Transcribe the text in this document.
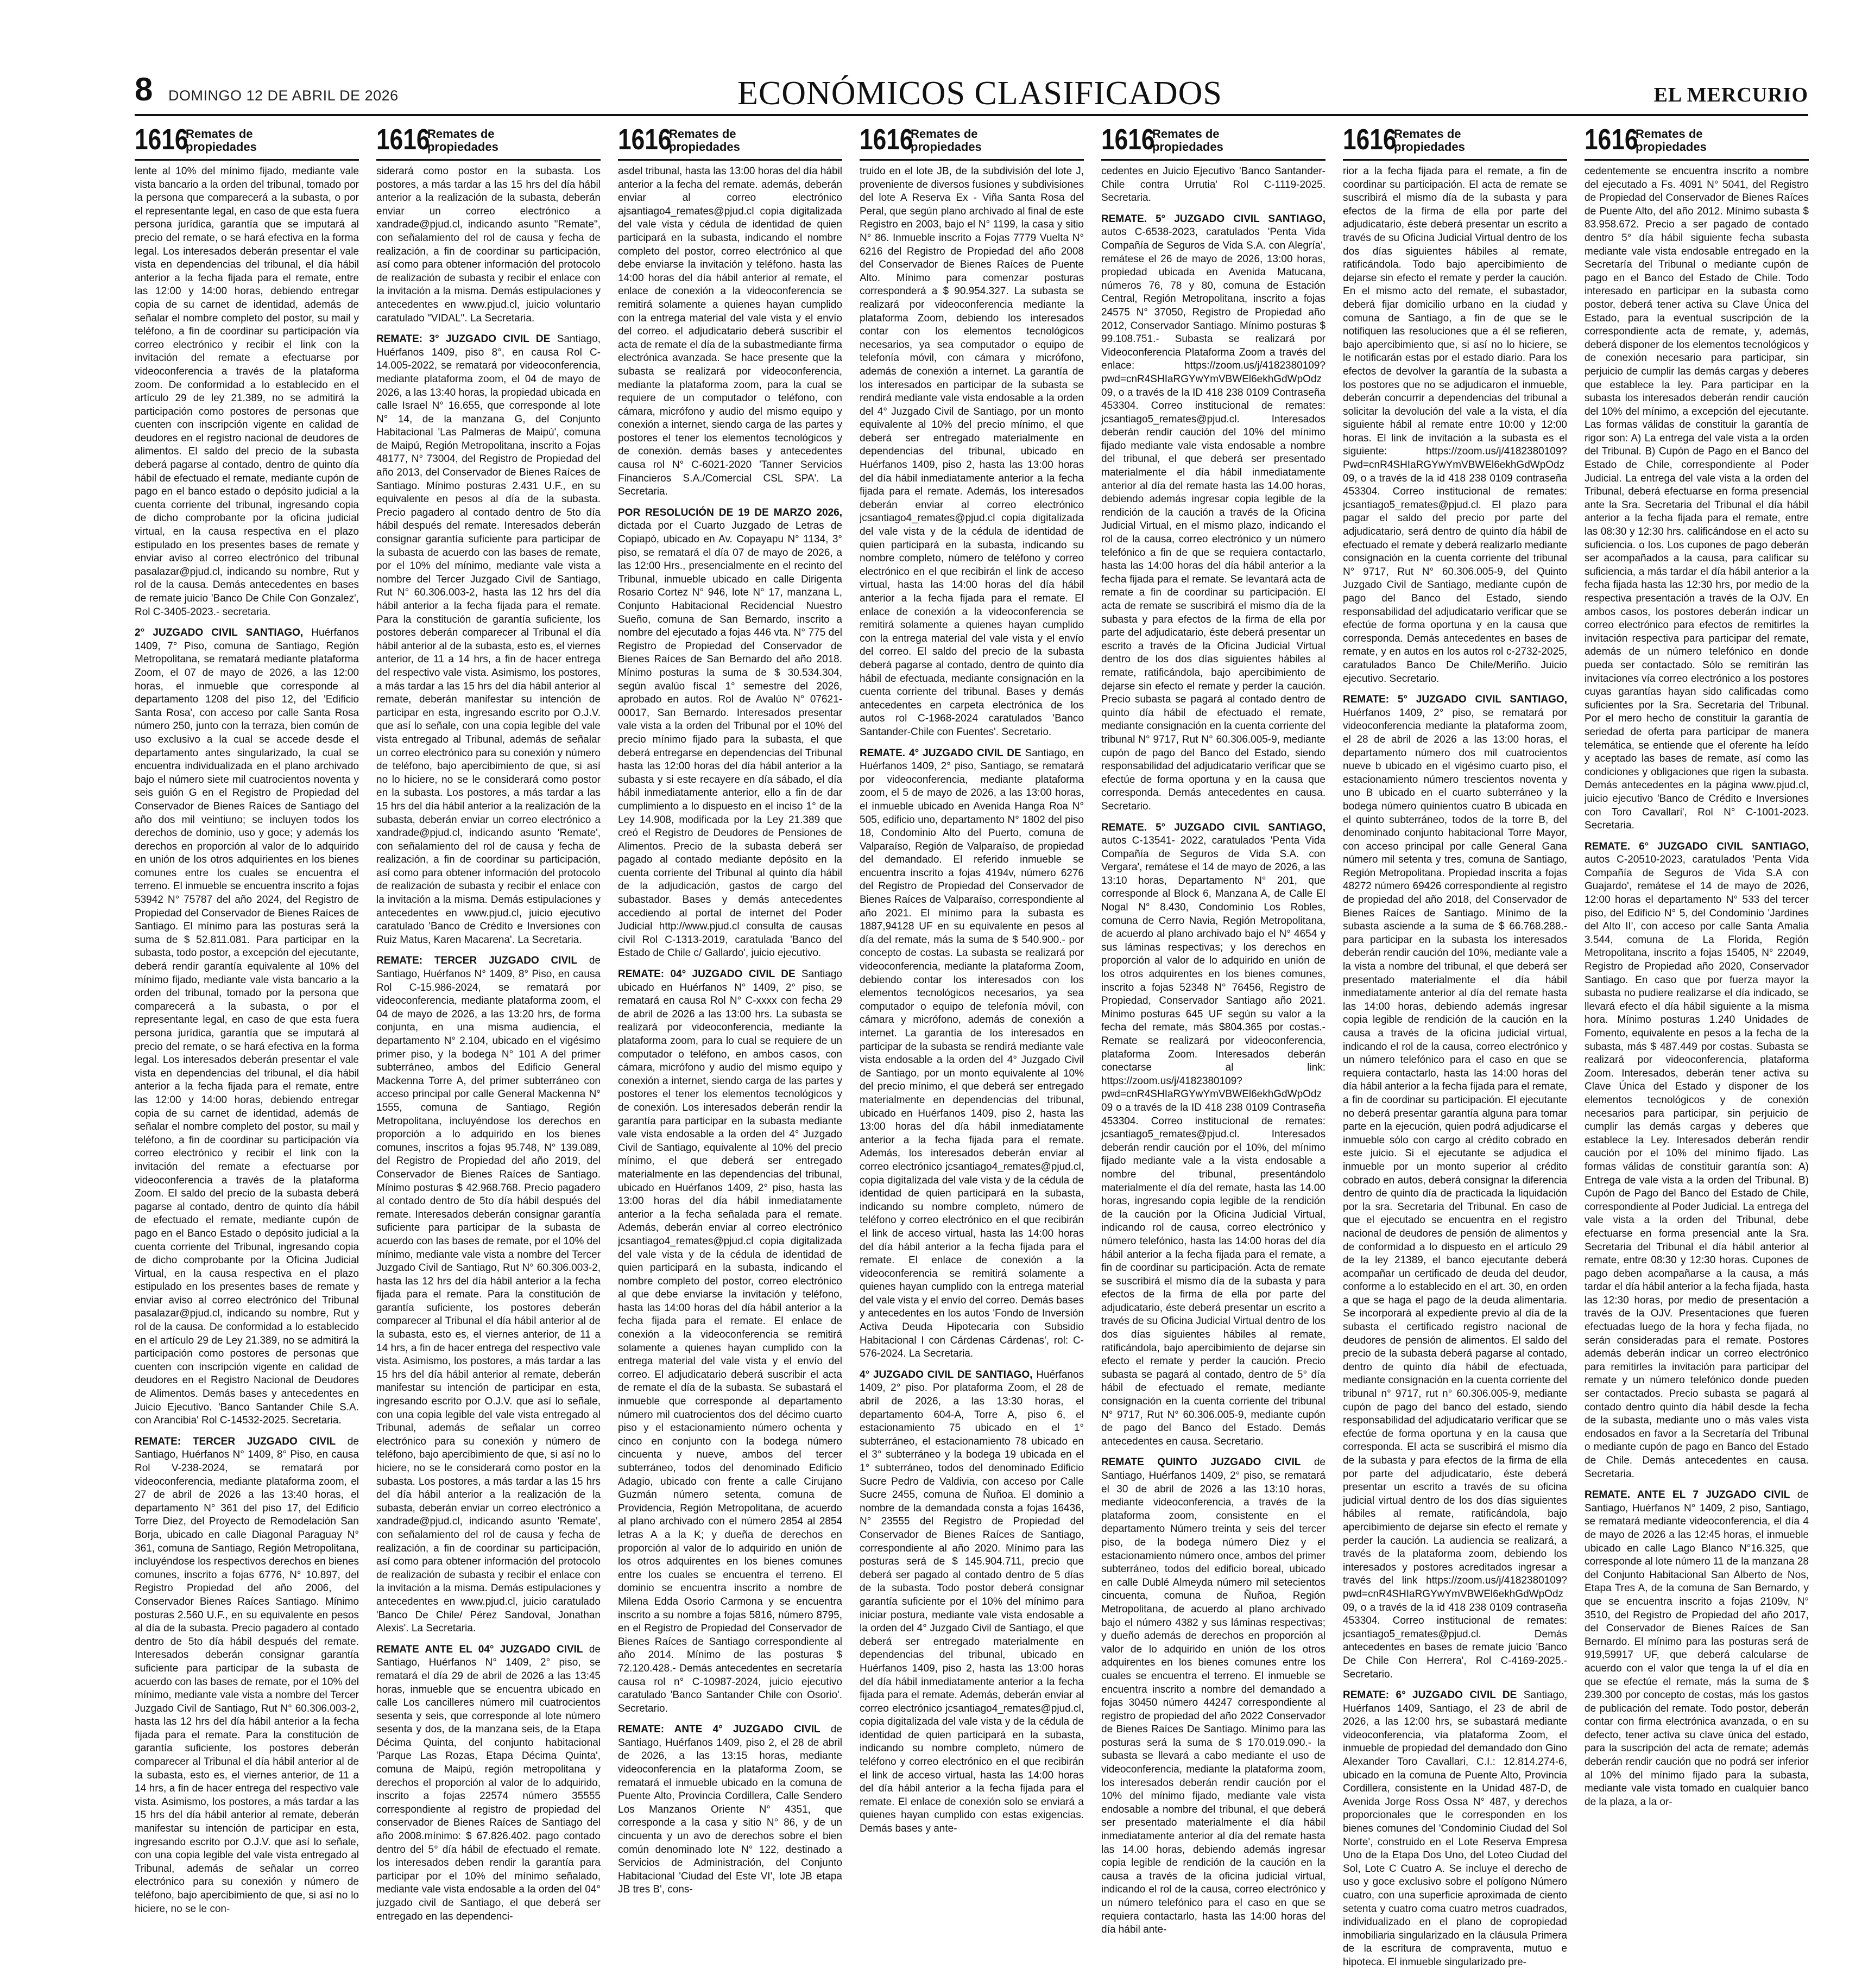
8 DOMINGO 12 DE ABRIL DE 2026	ECONÓMICOS CLASIFICADOS	EL MERCURIO
1616
Remates de propiedades

lente al 10% del mínimo fijado, mediante vale vista bancario a la orden del tribunal, tomado por la persona que comparecerá a la subasta, o por el representante legal, en caso de que esta fuera persona jurídica, garantía que se imputará al precio del remate, o se hará efectiva en la forma legal. Los interesados deberán presentar el vale vista en dependencias del tribunal, el día hábil anterior a la fecha fijada para el remate, entre las 12:00 y 14:00 horas, debiendo entregar copia de su carnet de identidad, además de señalar el nombre completo del postor, su mail y teléfono, a fin de coordinar su participación vía correo electrónico y recibir el link con la invitación del remate a efectuarse por videoconferencia a través de la plataforma zoom. De conformidad a lo establecido en el artículo 29 de ley 21.389, no se admitirá la participación como postores de personas que cuenten con inscripción vigente en calidad de deudores en el registro nacional de deudores de alimentos. El saldo del precio de la subasta deberá pagarse al contado, dentro de quinto día hábil de efectuado el remate, mediante cupón de pago en el banco estado o depósito judicial a la cuenta corriente del tribunal, ingresando copia de dicho comprobante por la oficina judicial virtual, en la causa respectiva en el plazo estipulado en los presentes bases de remate y enviar aviso al correo electrónico del tribunal pasalazar@pjud.cl, indicando su nombre, Rut y rol de la causa. Demás antecedentes en bases de remate juicio 'Banco De Chile Con Gonzalez', Rol C-3405-2023.- secretaria.

2° JUZGADO CIVIL SANTIAGO, Huérfanos 1409, 7° Piso, comuna de Santiago, Región Metropolitana, se rematará mediante plataforma Zoom, el 07 de mayo de 2026, a las 12:00 horas, el inmueble que corresponde al departamento 1208 del piso 12, del 'Edificio Santa Rosa', con acceso por calle Santa Rosa número 250, junto con la terraza, bien común de uso exclusivo a la cual se accede desde el departamento antes singularizado, la cual se encuentra individualizada en el plano archivado bajo el número siete mil cuatrocientos noventa y seis guión G en el Registro de Propiedad del Conservador de Bienes Raíces de Santiago del año dos mil veintiuno; se incluyen todos los derechos de dominio, uso y goce; y además los derechos en proporción al valor de lo adquirido en unión de los otros adquirientes en los bienes comunes entre los cuales se encuentra el terreno. El inmueble se encuentra inscrito a fojas 53942 N° 75787 del año 2024, del Registro de Propiedad del Conservador de Bienes Raíces de Santiago. El mínimo para las posturas será la suma de $ 52.811.081. Para participar en la subasta, todo postor, a excepción del ejecutante, deberá rendir garantía equivalente al 10% del mínimo fijado, mediante vale vista bancario a la orden del tribunal, tomado por la persona que comparecerá a la subasta, o por el representante legal, en caso de que esta fuera persona jurídica, garantía que se imputará al precio del remate, o se hará efectiva en la forma legal. Los interesados deberán presentar el vale vista en dependencias del tribunal, el día hábil anterior a la fecha fijada para el remate, entre las 12:00 y 14:00 horas, debiendo entregar copia de su carnet de identidad, además de señalar el nombre completo del postor, su mail y teléfono, a fin de coordinar su participación vía correo electrónico y recibir el link con la invitación del remate a efectuarse por videoconferencia a través de la plataforma Zoom. El saldo del precio de la subasta deberá pagarse al contado, dentro de quinto día hábil de efectuado el remate, mediante cupón de pago en el Banco Estado o depósito judicial a la cuenta corriente del Tribunal, ingresando copia de dicho comprobante por la Oficina Judicial Virtual, en la causa respectiva en el plazo estipulado en los presentes bases de remate y enviar aviso al correo electrónico del Tribunal pasalazar@pjud.cl, indicando su nombre, Rut y rol de la causa. De conformidad a lo establecido en el artículo 29 de Ley 21.389, no se admitirá la participación como postores de personas que cuenten con inscripción vigente en calidad de deudores en el Registro Nacional de Deudores de Alimentos. Demás bases y antecedentes en Juicio Ejecutivo. 'Banco Santander Chile S.A. con Arancibia' Rol C-14532-2025. Secretaria.

REMATE: TERCER JUZGADO CIVIL de Santiago, Huérfanos N° 1409, 8° Piso, en causa Rol V-238-2024, se rematará por videoconferencia, mediante plataforma zoom, el 27 de abril de 2026 a las 13:40 horas, el departamento N° 361 del piso 17, del Edificio Torre Diez, del Proyecto de Remodelación San Borja, ubicado en calle Diagonal Paraguay N° 361, comuna de Santiago, Región Metropolitana, incluyéndose los respectivos derechos en bienes comunes, inscrito a fojas 6776, N° 10.897, del Registro Propiedad del año 2006, del Conservador Bienes Raíces Santiago. Mínimo posturas 2.560 U.F., en su equivalente en pesos al día de la subasta. Precio pagadero al contado dentro de 5to día hábil después del remate. Interesados deberán consignar garantía suficiente para participar de la subasta de acuerdo con las bases de remate, por el 10% del mínimo, mediante vale vista a nombre del Tercer Juzgado Civil de Santiago, Rut N° 60.306.003-2, hasta las 12 hrs del día hábil anterior a la fecha fijada para el remate. Para la constitución de garantía suficiente, los postores deberán comparecer al Tribunal el día hábil anterior al de la subasta, esto es, el viernes anterior, de 11 a 14 hrs, a fin de hacer entrega del respectivo vale vista. Asimismo, los postores, a más tardar a las 15 hrs del día hábil anterior al remate, deberán manifestar su intención de participar en esta, ingresando escrito por O.J.V. que así lo señale, con una copia legible del vale vista entregado al Tribunal, además de señalar un correo electrónico para su conexión y número de teléfono, bajo apercibimiento de que, si así no lo hiciere, no se le con-

1616
Remates de propiedades

siderará como postor en la subasta. Los postores, a más tardar a las 15 hrs del día hábil anterior a la realización de la subasta, deberán enviar un correo electrónico a xandrade@pjud.cl, indicando asunto "Remate", con señalamiento del rol de causa y fecha de realización, a fin de coordinar su participación, así como para obtener información del protocolo de realización de subasta y recibir el enlace con la invitación a la misma. Demás estipulaciones y antecedentes en www.pjud.cl, juicio voluntario caratulado "VIDAL". La Secretaria.

REMATE: 3° JUZGADO CIVIL DE Santiago, Huérfanos 1409, piso 8°, en causa Rol C- 14.005-2022, se rematará por videoconferencia, mediante plataforma zoom, el 04 de mayo de 2026, a las 13:40 horas, la propiedad ubicada en calle Israel N° 16.655, que corresponde al lote N° 14, de la manzana G, del Conjunto Habitacional 'Las Palmeras de Maipú', comuna de Maipú, Región Metropolitana, inscrito a Fojas 48177, N° 73004, del Registro de Propiedad del año 2013, del Conservador de Bienes Raíces de Santiago. Mínimo posturas 2.431 U.F., en su equivalente en pesos al día de la subasta. Precio pagadero al contado dentro de 5to día hábil después del remate. Interesados deberán consignar garantía suficiente para participar de la subasta de acuerdo con las bases de remate, por el 10% del mínimo, mediante vale vista a nombre del Tercer Juzgado Civil de Santiago, Rut N° 60.306.003-2, hasta las 12 hrs del día hábil anterior a la fecha fijada para el remate. Para la constitución de garantía suficiente, los postores deberán comparecer al Tribunal el día hábil anterior al de la subasta, esto es, el viernes anterior, de 11 a 14 hrs, a fin de hacer entrega del respectivo vale vista. Asimismo, los postores, a más tardar a las 15 hrs del día hábil anterior al remate, deberán manifestar su intención de participar en esta, ingresando escrito por O.J.V. que así lo señale, con una copia legible del vale vista entregado al Tribunal, además de señalar un correo electrónico para su conexión y número de teléfono, bajo apercibimiento de que, si así no lo hiciere, no se le considerará como postor en la subasta. Los postores, a más tardar a las 15 hrs del día hábil anterior a la realización de la subasta, deberán enviar un correo electrónico a xandrade@pjud.cl, indicando asunto 'Remate', con señalamiento del rol de causa y fecha de realización, a fin de coordinar su participación, así como para obtener información del protocolo de realización de subasta y recibir el enlace con la invitación a la misma. Demás estipulaciones y antecedentes en www.pjud.cl, juicio ejecutivo caratulado 'Banco de Crédito e Inversiones con Ruiz Matus, Karen Macarena'. La Secretaria.

REMATE: TERCER JUZGADO CIVIL de Santiago, Huérfanos N° 1409, 8° Piso, en causa Rol C-15.986-2024, se rematará por videoconferencia, mediante plataforma zoom, el 04 de mayo de 2026, a las 13:20 hrs, de forma conjunta, en una misma audiencia, el departamento N° 2.104, ubicado en el vigésimo primer piso, y la bodega N° 101 A del primer subterráneo, ambos del Edificio General Mackenna Torre A, del primer subterráneo con acceso principal por calle General Mackenna N° 1555, comuna de Santiago, Región Metropolitana, incluyéndose los derechos en proporción a lo adquirido en los bienes comunes, inscritos a fojas 95.748, N° 139.089, del Registro de Propiedad del año 2019, del Conservador de Bienes Raíces de Santiago. Mínimo posturas $ 42.968.768. Precio pagadero al contado dentro de 5to día hábil después del remate. Interesados deberán consignar garantía suficiente para participar de la subasta de acuerdo con las bases de remate, por el 10% del mínimo, mediante vale vista a nombre del Tercer Juzgado Civil de Santiago, Rut N° 60.306.003-2, hasta las 12 hrs del día hábil anterior a la fecha fijada para el remate. Para la constitución de garantía suficiente, los postores deberán comparecer al Tribunal el día hábil anterior al de la subasta, esto es, el viernes anterior, de 11 a 14 hrs, a fin de hacer entrega del respectivo vale vista. Asimismo, los postores, a más tardar a las 15 hrs del día hábil anterior al remate, deberán manifestar su intención de participar en esta, ingresando escrito por O.J.V. que así lo señale, con una copia legible del vale vista entregado al Tribunal, además de señalar un correo electrónico para su conexión y número de teléfono, bajo apercibimiento de que, si así no lo hiciere, no se le considerará como postor en la subasta. Los postores, a más tardar a las 15 hrs del día hábil anterior a la realización de la subasta, deberán enviar un correo electrónico a xandrade@pjud.cl, indicando asunto 'Remate', con señalamiento del rol de causa y fecha de realización, a fin de coordinar su participación, así como para obtener información del protocolo de realización de subasta y recibir el enlace con la invitación a la misma. Demás estipulaciones y antecedentes en www.pjud.cl, juicio caratulado 'Banco De Chile/ Pérez Sandoval, Jonathan Alexis'. La Secretaria.

REMATE ANTE EL 04° JUZGADO CIVIL de Santiago, Huérfanos N° 1409, 2° piso, se rematará el día 29 de abril de 2026 a las 13:45 horas, inmueble que se encuentra ubicado en calle Los cancilleres número mil cuatrocientos sesenta y seis, que corresponde al lote número sesenta y dos, de la manzana seis, de la Etapa Décima Quinta, del conjunto habitacional 'Parque Las Rozas, Etapa Décima Quinta', comuna de Maipú, región metropolitana y derechos el proporción al valor de lo adquirido, inscrito a fojas 22574 número 35555 correspondiente al registro de propiedad del conservador de Bienes Raíces de Santiago del año 2008.mínimo: $ 67.826.402. pago contado dentro del 5° día hábil de efectuado el remate. los interesados deben rendir la garantía para participar por el 10% del mínimo señalado, mediante vale vista endosable a la orden del 04° juzgado civil de Santiago, el que deberá ser entregado en las dependenci-

1616
Remates de propiedades

asdel tribunal, hasta las 13:00 horas del día hábil anterior a la fecha del remate. además, deberán enviar al correo electrónico ajsantiago4_remates@pjud.cl copia digitalizada del vale vista y cédula de identidad de quien participará en la subasta, indicando el nombre completo del postor, correo electrónico al que debe enviarse la invitación y teléfono. hasta las 14:00 horas del día hábil anterior al remate, el enlace de conexión a la videoconferencia se remitirá solamente a quienes hayan cumplido con la entrega material del vale vista y el envío del correo. el adjudicatario deberá suscribir el acta de remate el día de la subastmediante firma electrónica avanzada. Se hace presente que la subasta se realizará por videoconferencia, mediante la plataforma zoom, para la cual se requiere de un computador o teléfono, con cámara, micrófono y audio del mismo equipo y conexión a internet, siendo carga de las partes y postores el tener los elementos tecnológicos y de conexión. demás bases y antecedentes causa rol N° C-6021-2020 'Tanner Servicios Financieros S.A./Comercial CSL SPA'. La Secretaria.

POR RESOLUCIÓN DE 19 DE MARZO 2026, dictada por el Cuarto Juzgado de Letras de Copiapó, ubicado en Av. Copayapu N° 1134, 3° piso, se rematará el día 07 de mayo de 2026, a las 12:00 Hrs., presencialmente en el recinto del Tribunal, inmueble ubicado en calle Dirigenta Rosario Cortez N° 946, lote N° 17, manzana L, Conjunto Habitacional Recidencial Nuestro Sueño, comuna de San Bernardo, inscrito a nombre del ejecutado a fojas 446 vta. N° 775 del Registro de Propiedad del Conservador de Bienes Raíces de San Bernardo del año 2018. Mínimo posturas la suma de $ 30.534.304, según avalúo fiscal 1° semestre del 2026, aprobado en autos. Rol de Avalúo N° 07621-00017, San Bernardo. Interesados presentar vale vista a la orden del Tribunal por el 10% del precio mínimo fijado para la subasta, el que deberá entregarse en dependencias del Tribunal hasta las 12:00 horas del día hábil anterior a la subasta y si este recayere en día sábado, el día hábil inmediatamente anterior, ello a fin de dar cumplimiento a lo dispuesto en el inciso 1° de la Ley 14.908, modificada por la Ley 21.389 que creó el Registro de Deudores de Pensiones de Alimentos. Precio de la subasta deberá ser pagado al contado mediante depósito en la cuenta corriente del Tribunal al quinto día hábil de la adjudicación, gastos de cargo del subastador. Bases y demás antecedentes accediendo al portal de internet del Poder Judicial http://www.pjud.cl consulta de causas civil Rol C-1313-2019, caratulada 'Banco del Estado de Chile c/ Gallardo', juicio ejecutivo.

REMATE: 04° JUZGADO CIVIL DE Santiago ubicado en Huérfanos N° 1409, 2° piso, se rematará en causa Rol N° C-xxxx con fecha 29 de abril de 2026 a las 13:00 hrs. La subasta se realizará por videoconferencia, mediante la plataforma zoom, para lo cual se requiere de un computador o teléfono, en ambos casos, con cámara, micrófono y audio del mismo equipo y conexión a internet, siendo carga de las partes y postores el tener los elementos tecnológicos y de conexión. Los interesados deberán rendir la garantía para participar en la subasta mediante vale vista endosable a la orden del 4° Juzgado Civil de Santiago, equivalente al 10% del precio mínimo, el que deberá ser entregado materialmente en las dependencias del tribunal, ubicado en Huérfanos 1409, 2° piso, hasta las 13:00 horas del día hábil inmediatamente anterior a la fecha señalada para el remate. Además, deberán enviar al correo electrónico jcsantiago4_remates@pjud.cl copia digitalizada del vale vista y de la cédula de identidad de quien participará en la subasta, indicando el nombre completo del postor, correo electrónico al que debe enviarse la invitación y teléfono, hasta las 14:00 horas del día hábil anterior a la fecha fijada para el remate. El enlace de conexión a la videoconferencia se remitirá solamente a quienes hayan cumplido con la entrega material del vale vista y el envío del correo. El adjudicatario deberá suscribir el acta de remate el día de la subasta. Se subastará el inmueble que corresponde al departamento número mil cuatrocientos dos del décimo cuarto piso y el estacionamiento número ochenta y cinco en conjunto con la bodega número cincuenta y nueve, ambos del tercer subterráneo, todos del denominado Edificio Adagio, ubicado con frente a calle Cirujano Guzmán número setenta, comuna de Providencia, Región Metropolitana, de acuerdo al plano archivado con el número 2854 al 2854 letras A a la K; y dueña de derechos en proporción al valor de lo adquirido en unión de los otros adquirentes en los bienes comunes entre los cuales se encuentra el terreno. El dominio se encuentra inscrito a nombre de Milena Edda Osorio Carmona y se encuentra inscrito a su nombre a fojas 5816, número 8795, en el Registro de Propiedad del Conservador de Bienes Raíces de Santiago correspondiente al año 2014. Mínimo de las posturas $ 72.120.428.- Demás antecedentes en secretaría causa rol n° C-10987-2024, juicio ejecutivo caratulado 'Banco Santander Chile con Osorio'. Secretario.

REMATE: ANTE 4° JUZGADO CIVIL de Santiago, Huérfanos 1409, piso 2, el 28 de abril de 2026, a las 13:15 horas, mediante videoconferencia en la plataforma Zoom, se rematará el inmueble ubicado en la comuna de Puente Alto, Provincia Cordillera, Calle Sendero Los Manzanos Oriente N° 4351, que corresponde a la casa y sitio N° 86, y de un cincuenta y un avo de derechos sobre el bien común denominado lote N° 122, destinado a Servicios de Administración, del Conjunto Habitacional 'Ciudad del Este VI', lote JB etapa JB tres B', cons-

1616
Remates de propiedades

truido en el lote JB, de la subdivisión del lote J, proveniente de diversos fusiones y subdivisiones del lote A Reserva Ex - Viña Santa Rosa del Peral, que según plano archivado al final de este Registro en 2003, bajo el N° 1199, la casa y sitio N° 86. Inmueble inscrito a Fojas 7779 Vuelta N° 6216 del Registro de Propiedad del año 2008 del Conservador de Bienes Raíces de Puente Alto. Mínimo para comenzar posturas corresponderá a $ 90.954.327. La subasta se realizará por videoconferencia mediante la plataforma Zoom, debiendo los interesados contar con los elementos tecnológicos necesarios, ya sea computador o equipo de telefonía móvil, con cámara y micrófono, además de conexión a internet. La garantía de los interesados en participar de la subasta se rendirá mediante vale vista endosable a la orden del 4° Juzgado Civil de Santiago, por un monto equivalente al 10% del precio mínimo, el que deberá ser entregado materialmente en dependencias del tribunal, ubicado en Huérfanos 1409, piso 2, hasta las 13:00 horas del día hábil inmediatamente anterior a la fecha fijada para el remate. Además, los interesados deberán enviar al correo electrónico jcsantiago4_remates@pjud.cl copia digitalizada del vale vista y de la cédula de identidad de quien participará en la subasta, indicando su nombre completo, número de teléfono y correo electrónico en el que recibirán el link de acceso virtual, hasta las 14:00 horas del día hábil anterior a la fecha fijada para el remate. El enlace de conexión a la videoconferencia se remitirá solamente a quienes hayan cumplido con la entrega material del vale vista y el envío del correo. El saldo del precio de la subasta deberá pagarse al contado, dentro de quinto día hábil de efectuada, mediante consignación en la cuenta corriente del tribunal. Bases y demás antecedentes en carpeta electrónica de los autos rol C-1968-2024 caratulados 'Banco Santander-Chile con Fuentes'. Secretario.

REMATE. 4° JUZGADO CIVIL DE Santiago, en Huérfanos 1409, 2° piso, Santiago, se rematará por videoconferencia, mediante plataforma zoom, el 5 de mayo de 2026, a las 13:00 horas, el inmueble ubicado en Avenida Hanga Roa N° 505, edificio uno, departamento N° 1802 del piso 18, Condominio Alto del Puerto, comuna de Valparaíso, Región de Valparaíso, de propiedad del demandado. El referido inmueble se encuentra inscrito a fojas 4194v, número 6276 del Registro de Propiedad del Conservador de Bienes Raíces de Valparaíso, correspondiente al año 2021. El mínimo para la subasta es 1887,94128 UF en su equivalente en pesos al día del remate, más la suma de $ 540.900.- por concepto de costas. La subasta se realizará por videoconferencia, mediante la plataforma Zoom, debiendo contar los interesados con los elementos tecnológicos necesarios, ya sea computador o equipo de telefonía móvil, con cámara y micrófono, además de conexión a internet. La garantía de los interesados en participar de la subasta se rendirá mediante vale vista endosable a la orden del 4° Juzgado Civil de Santiago, por un monto equivalente al 10% del precio mínimo, el que deberá ser entregado materialmente en dependencias del tribunal, ubicado en Huérfanos 1409, piso 2, hasta las 13:00 horas del día hábil inmediatamente anterior a la fecha fijada para el remate. Además, los interesados deberán enviar al correo electrónico jcsantiago4_remates@pjud.cl, copia digitalizada del vale vista y de la cédula de identidad de quien participará en la subasta, indicando su nombre completo, número de teléfono y correo electrónico en el que recibirán el link de acceso virtual, hasta las 14:00 horas del día hábil anterior a la fecha fijada para el remate. El enlace de conexión a la videoconferencia se remitirá solamente a quienes hayan cumplido con la entrega material del vale vista y el envío del correo. Demás bases y antecedentes en los autos 'Fondo de Inversión Activa Deuda Hipotecaria con Subsidio Habitacional I con Cárdenas Cárdenas', rol: C-576-2024. La Secretaria.

4° JUZGADO CIVIL DE SANTIAGO, Huérfanos 1409, 2° piso. Por plataforma Zoom, el 28 de abril de 2026, a las 13:30 horas, el departamento 604-A, Torre A, piso 6, el estacionamiento 75 ubicado en el 1° subterráneo, el estacionamiento 78 ubicado en el 3° subterráneo y la bodega 19 ubicada en el 1° subterráneo, todos del denominado Edificio Sucre Pedro de Valdivia, con acceso por Calle Sucre 2455, comuna de Ñuñoa. El dominio a nombre de la demandada consta a fojas 16436, N° 23555 del Registro de Propiedad del Conservador de Bienes Raíces de Santiago, correspondiente al año 2020. Mínimo para las posturas será de $ 145.904.711, precio que deberá ser pagado al contado dentro de 5 días de la subasta. Todo postor deberá consignar garantía suficiente por el 10% del mínimo para iniciar postura, mediante vale vista endosable a la orden del 4° Juzgado Civil de Santiago, el que deberá ser entregado materialmente en dependencias del tribunal, ubicado en Huérfanos 1409, piso 2, hasta las 13:00 horas del día hábil inmediatamente anterior a la fecha fijada para el remate. Además, deberán enviar al correo electrónico jcsantiago4_remates@pjud.cl, copia digitalizada del vale vista y de la cédula de identidad de quien participará en la subasta, indicando su nombre completo, número de teléfono y correo electrónico en el que recibirán el link de acceso virtual, hasta las 14:00 horas del día hábil anterior a la fecha fijada para el remate. El enlace de conexión solo se enviará a quienes hayan cumplido con estas exigencias. Demás bases y ante-

1616
Remates de propiedades

cedentes en Juicio Ejecutivo 'Banco Santander-Chile contra Urrutia' Rol C-1119-2025. Secretaria.

REMATE. 5° JUZGADO CIVIL SANTIAGO, autos C-6538-2023, caratulados 'Penta Vida Compañía de Seguros de Vida S.A. con Alegría', remátese el 26 de mayo de 2026, 13:00 horas, propiedad ubicada en Avenida Matucana, números 76, 78 y 80, comuna de Estación Central, Región Metropolitana, inscrito a fojas 24575 N° 37050, Registro de Propiedad año 2012, Conservador Santiago. Mínimo posturas $ 99.108.751.- Subasta se realizará por Videoconferencia Plataforma Zoom a través del enlace: https://zoom.us/j/4182380109?pwd=cnR4SHIaRGYwYmVBWEl6ekhGdWpOdz09, o a través de la ID 418 238 0109 Contraseña 453304. Correo institucional de remates: jcsantiago5_remates@pjud.cl. Interesados deberán rendir caución del 10% del mínimo fijado mediante vale vista endosable a nombre del tribunal, el que deberá ser presentado materialmente el día hábil inmediatamente anterior al día del remate hasta las 14.00 horas, debiendo además ingresar copia legible de la rendición de la caución a través de la Oficina Judicial Virtual, en el mismo plazo, indicando el rol de la causa, correo electrónico y un número telefónico a fin de que se requiera contactarlo, hasta las 14:00 horas del día hábil anterior a la fecha fijada para el remate. Se levantará acta de remate a fin de coordinar su participación. El acta de remate se suscribirá el mismo día de la subasta y para efectos de la firma de ella por parte del adjudicatario, éste deberá presentar un escrito a través de la Oficina Judicial Virtual dentro de los dos días siguientes hábiles al remate, ratificándola, bajo apercibimiento de dejarse sin efecto el remate y perder la caución. Precio subasta se pagará al contado dentro de quinto día hábil de efectuado el remate, mediante consignación en la cuenta corriente del tribunal N° 9717, Rut N° 60.306.005-9, mediante cupón de pago del Banco del Estado, siendo responsabilidad del adjudicatario verificar que se efectúe de forma oportuna y en la causa que corresponda. Demás antecedentes en causa. Secretario.

REMATE. 5° JUZGADO CIVIL SANTIAGO, autos C-13541- 2022, caratulados 'Penta Vida Compañía de Seguros de Vida S.A. con Vergara', remátese el 14 de mayo de 2026, a las 13:10 horas, Departamento N° 201, que corresponde al Block 6, Manzana A, de Calle El Nogal N° 8.430, Condominio Los Robles, comuna de Cerro Navia, Región Metropolitana, de acuerdo al plano archivado bajo el N° 4654 y sus láminas respectivas; y los derechos en proporción al valor de lo adquirido en unión de los otros adquirentes en los bienes comunes, inscrito a fojas 52348 N° 76456, Registro de Propiedad, Conservador Santiago año 2021. Mínimo posturas 645 UF según su valor a la fecha del remate, más $804.365 por costas.- Remate se realizará por videoconferencia, plataforma Zoom. Interesados deberán conectarse al link: https://zoom.us/j/4182380109?pwd=cnR4SHIaRGYwYmVBWEl6ekhGdWpOdz09 o a través de la ID 418 238 0109 Contraseña 453304. Correo institucional de remates: jcsantiago5_remates@pjud.cl. Interesados deberán rendir caución por el 10%, del mínimo fijado mediante vale a la vista endosable a nombre del tribunal, presentándolo materialmente el día del remate, hasta las 14.00 horas, ingresando copia legible de la rendición de la caución por la Oficina Judicial Virtual, indicando rol de causa, correo electrónico y número telefónico, hasta las 14:00 horas del día hábil anterior a la fecha fijada para el remate, a fin de coordinar su participación. Acta de remate se suscribirá el mismo día de la subasta y para efectos de la firma de ella por parte del adjudicatario, éste deberá presentar un escrito a través de su Oficina Judicial Virtual dentro de los dos días siguientes hábiles al remate, ratificándola, bajo apercibimiento de dejarse sin efecto el remate y perder la caución. Precio subasta se pagará al contado, dentro de 5° día hábil de efectuado el remate, mediante consignación en la cuenta corriente del tribunal N° 9717, Rut N° 60.306.005-9, mediante cupón de pago del Banco del Estado. Demás antecedentes en causa. Secretario.

REMATE QUINTO JUZGADO CIVIL de Santiago, Huérfanos 1409, 2° piso, se rematará el 30 de abril de 2026 a las 13:10 horas, mediante videoconferencia, a través de la plataforma zoom, consistente en el departamento Número treinta y seis del tercer piso, de la bodega número Diez y el estacionamiento número once, ambos del primer subterráneo, todos del edificio boreal, ubicado en calle Dublé Almeyda número mil setecientos cincuenta, comuna de Ñuñoa, Región Metropolitana, de acuerdo al plano archivado bajo el número 4382 y sus láminas respectivas; y dueño además de derechos en proporción al valor de lo adquirido en unión de los otros adquirentes en los bienes comunes entre los cuales se encuentra el terreno. El inmueble se encuentra inscrito a nombre del demandado a fojas 30450 número 44247 correspondiente al registro de propiedad del año 2022 Conservador de Bienes Raíces De Santiago. Mínimo para las posturas será la suma de $ 170.019.090.- la subasta se llevará a cabo mediante el uso de videoconferencia, mediante la plataforma zoom, los interesados deberán rendir caución por el 10% del mínimo fijado, mediante vale vista endosable a nombre del tribunal, el que deberá ser presentado materialmente el día hábil inmediatamente anterior al día del remate hasta las 14.00 horas, debiendo además ingresar copia legible de rendición de la caución en la causa a través de la oficina judicial virtual, indicando el rol de la causa, correo electrónico y un número telefónico para el caso en que se requiera contactarlo, hasta las 14:00 horas del día hábil ante-

1616
Remates de propiedades

rior a la fecha fijada para el remate, a fin de coordinar su participación. El acta de remate se suscribirá el mismo día de la subasta y para efectos de la firma de ella por parte del adjudicatario, éste deberá presentar un escrito a través de su Oficina Judicial Virtual dentro de los dos días siguientes hábiles al remate, ratificándola. Todo bajo apercibimiento de dejarse sin efecto el remate y perder la caución. En el mismo acto del remate, el subastador, deberá fijar domicilio urbano en la ciudad y comuna de Santiago, a fin de que se le notifiquen las resoluciones que a él se refieren, bajo apercibimiento que, si así no lo hiciere, se le notificarán estas por el estado diario. Para los efectos de devolver la garantía de la subasta a los postores que no se adjudicaron el inmueble, deberán concurrir a dependencias del tribunal a solicitar la devolución del vale a la vista, el día siguiente hábil al remate entre 10:00 y 12:00 horas. El link de invitación a la subasta es el siguiente: https://zoom.us/j/4182380109? Pwd=cnR4SHIaRGYwYmVBWEl6ekhGdWpOdz09, o a través de la id 418 238 0109 contraseña 453304. Correo institucional de remates: jcsantiago5_remates@pjud.cl. El plazo para pagar el saldo del precio por parte del adjudicatario, será dentro de quinto día hábil de efectuado el remate y deberá realizarlo mediante consignación en la cuenta corriente del tribunal N° 9717, Rut N° 60.306.005-9, del Quinto Juzgado Civil de Santiago, mediante cupón de pago del Banco del Estado, siendo responsabilidad del adjudicatario verificar que se efectúe de forma oportuna y en la causa que corresponda. Demás antecedentes en bases de remate, y en autos en los autos rol c-2732-2025, caratulados Banco De Chile/Meriño. Juicio ejecutivo. Secretario.

REMATE: 5° JUZGADO CIVIL SANTIAGO, Huérfanos 1409, 2° piso, se rematará por videoconferencia mediante la plataforma zoom, el 28 de abril de 2026 a las 13:00 horas, el departamento número dos mil cuatrocientos nueve b ubicado en el vigésimo cuarto piso, el estacionamiento número trescientos noventa y uno B ubicado en el cuarto subterráneo y la bodega número quinientos cuatro B ubicada en el quinto subterráneo, todos de la torre B, del denominado conjunto habitacional Torre Mayor, con acceso principal por calle General Gana número mil setenta y tres, comuna de Santiago, Región Metropolitana. Propiedad inscrita a fojas 48272 número 69426 correspondiente al registro de propiedad del año 2018, del Conservador de Bienes Raíces de Santiago. Mínimo de la subasta asciende a la suma de $ 66.768.288.- para participar en la subasta los interesados deberán rendir caución del 10%, mediante vale a la vista a nombre del tribunal, el que deberá ser presentado materialmente el día hábil inmediatamente anterior al día del remate hasta las 14:00 horas, debiendo además ingresar copia legible de rendición de la caución en la causa a través de la oficina judicial virtual, indicando el rol de la causa, correo electrónico y un número telefónico para el caso en que se requiera contactarlo, hasta las 14:00 horas del día hábil anterior a la fecha fijada para el remate, a fin de coordinar su participación. El ejecutante no deberá presentar garantía alguna para tomar parte en la ejecución, quien podrá adjudicarse el inmueble sólo con cargo al crédito cobrado en este juicio. Si el ejecutante se adjudica el inmueble por un monto superior al crédito cobrado en autos, deberá consignar la diferencia dentro de quinto día de practicada la liquidación por la sra. Secretaria del Tribunal. En caso de que el ejecutado se encuentra en el registro nacional de deudores de pensión de alimentos y de conformidad a lo dispuesto en el artículo 29 de la ley 21389, el banco ejecutante deberá acompañar un certificado de deuda del deudor, conforme a lo establecido en el art. 30, en orden a que se haga el pago de la deuda alimentaria. Se incorporará al expediente previo al día de la subasta el certificado registro nacional de deudores de pensión de alimentos. El saldo del precio de la subasta deberá pagarse al contado, dentro de quinto día hábil de efectuada, mediante consignación en la cuenta corriente del tribunal n° 9717, rut n° 60.306.005-9, mediante cupón de pago del banco del estado, siendo responsabilidad del adjudicatario verificar que se efectúe de forma oportuna y en la causa que corresponda. El acta se suscribirá el mismo día de la subasta y para efectos de la firma de ella por parte del adjudicatario, éste deberá presentar un escrito a través de su oficina judicial virtual dentro de los dos días siguientes hábiles al remate, ratificándola, bajo apercibimiento de dejarse sin efecto el remate y perder la caución. La audiencia se realizará, a través de la plataforma zoom, debiendo los interesados y postores acreditados ingresar a través del link https://zoom.us/j/4182380109?pwd=cnR4SHIaRGYwYmVBWEl6ekhGdWpOdz09, o a través de la id 418 238 0109 contraseña 453304. Correo institucional de remates: jcsantiago5_remates@pjud.cl. Demás antecedentes en bases de remate juicio 'Banco De Chile Con Herrera', Rol C-4169-2025.- Secretario.

REMATE: 6° JUZGADO CIVIL DE Santiago, Huérfanos 1409, Santiago, el 23 de abril de 2026, a las 12:00 hrs, se subastará mediante videoconferencia, vía plataforma Zoom, el inmueble de propiedad del demandado don Gino Alexander Toro Cavallari, C.I.: 12.814.274-6, ubicado en la comuna de Puente Alto, Provincia Cordillera, consistente en la Unidad 487-D, de Avenida Jorge Ross Ossa N° 487, y derechos proporcionales que le corresponden en los bienes comunes del 'Condominio Ciudad del Sol Norte', construido en el Lote Reserva Empresa Uno de la Etapa Dos Uno, del Loteo Ciudad del Sol, Lote C Cuatro A. Se incluye el derecho de uso y goce exclusivo sobre el polígono Número cuatro, con una superficie aproximada de ciento setenta y cuatro coma cuatro metros cuadrados, individualizado en el plano de copropiedad inmobiliaria singularizado en la cláusula Primera de la escritura de compraventa, mutuo e hipoteca. El inmueble singularizado pre-

1616
Remates de propiedades

cedentemente se encuentra inscrito a nombre del ejecutado a Fs. 4091 N° 5041, del Registro de Propiedad del Conservador de Bienes Raíces de Puente Alto, del año 2012. Mínimo subasta $ 83.958.672. Precio a ser pagado de contado dentro 5° día hábil siguiente fecha subasta mediante vale vista endosable entregado en la Secretaría del Tribunal o mediante cupón de pago en el Banco del Estado de Chile. Todo interesado en participar en la subasta como postor, deberá tener activa su Clave Única del Estado, para la eventual suscripción de la correspondiente acta de remate, y, además, deberá disponer de los elementos tecnológicos y de conexión necesario para participar, sin perjuicio de cumplir las demás cargas y deberes que establece la ley. Para participar en la subasta los interesados deberán rendir caución del 10% del mínimo, a excepción del ejecutante. Las formas válidas de constituir la garantía de rigor son: A) La entrega del vale vista a la orden del Tribunal. B) Cupón de Pago en el Banco del Estado de Chile, correspondiente al Poder Judicial. La entrega del vale vista a la orden del Tribunal, deberá efectuarse en forma presencial ante la Sra. Secretaria del Tribunal el día hábil anterior a la fecha fijada para el remate, entre las 08:30 y 12:30 hrs. calificándose en el acto su suficiencia. o los. Los cupones de pago deberán ser acompañados a la causa, para calificar su suficiencia, a más tardar el día hábil anterior a la fecha fijada hasta las 12:30 hrs, por medio de la respectiva presentación a través de la OJV. En ambos casos, los postores deberán indicar un correo electrónico para efectos de remitirles la invitación respectiva para participar del remate, además de un número telefónico en donde pueda ser contactado. Sólo se remitirán las invitaciones vía correo electrónico a los postores cuyas garantías hayan sido calificadas como suficientes por la Sra. Secretaria del Tribunal. Por el mero hecho de constituir la garantía de seriedad de oferta para participar de manera telemática, se entiende que el oferente ha leído y aceptado las bases de remate, así como las condiciones y obligaciones que rigen la subasta. Demás antecedentes en la página www.pjud.cl, juicio ejecutivo 'Banco de Crédito e Inversiones con Toro Cavallari', Rol N° C-1001-2023. Secretaria.

REMATE. 6° JUZGADO CIVIL SANTIAGO, autos C-20510-2023, caratulados 'Penta Vida Compañía de Seguros de Vida S.A con Guajardo', remátese el 14 de mayo de 2026, 12:00 horas el departamento N° 533 del tercer piso, del Edificio N° 5, del Condominio 'Jardines del Alto II', con acceso por calle Santa Amalia 3.544, comuna de La Florida, Región Metropolitana, inscrito a fojas 15405, N° 22049, Registro de Propiedad año 2020, Conservador Santiago. En caso que por fuerza mayor la subasta no pudiere realizarse el día indicado, se llevará efecto el día hábil siguiente a la misma hora. Mínimo posturas 1.240 Unidades de Fomento, equivalente en pesos a la fecha de la subasta, más $ 487.449 por costas. Subasta se realizará por videoconferencia, plataforma Zoom. Interesados, deberán tener activa su Clave Única del Estado y disponer de los elementos tecnológicos y de conexión necesarios para participar, sin perjuicio de cumplir las demás cargas y deberes que establece la Ley. Interesados deberán rendir caución por el 10% del mínimo fijado. Las formas válidas de constituir garantía son: A) Entrega de vale vista a la orden del Tribunal. B) Cupón de Pago del Banco del Estado de Chile, correspondiente al Poder Judicial. La entrega del vale vista a la orden del Tribunal, debe efectuarse en forma presencial ante la Sra. Secretaria del Tribunal el día hábil anterior al remate, entre 08:30 y 12:30 horas. Cupones de pago deben acompañarse a la causa, a más tardar el día hábil anterior a la fecha fijada, hasta las 12:30 horas, por medio de presentación a través de la OJV. Presentaciones que fueren efectuadas luego de la hora y fecha fijada, no serán consideradas para el remate. Postores además deberán indicar un correo electrónico para remitirles la invitación para participar del remate y un número telefónico donde pueden ser contactados. Precio subasta se pagará al contado dentro quinto día hábil desde la fecha de la subasta, mediante uno o más vales vista endosados en favor a la Secretaría del Tribunal o mediante cupón de pago en Banco del Estado de Chile. Demás antecedentes en causa. Secretaria.

REMATE. ANTE EL 7 JUZGADO CIVIL de Santiago, Huérfanos N° 1409, 2 piso, Santiago, se rematará mediante videoconferencia, el día 4 de mayo de 2026 a las 12:45 horas, el inmueble ubicado en calle Lago Blanco N°16.325, que corresponde al lote número 11 de la manzana 28 del Conjunto Habitacional San Alberto de Nos, Etapa Tres A, de la comuna de San Bernardo, y que se encuentra inscrito a fojas 2109v, N° 3510, del Registro de Propiedad del año 2017, del Conservador de Bienes Raíces de San Bernardo. El mínimo para las posturas será de 919,59917 UF, que deberá calcularse de acuerdo con el valor que tenga la uf el día en que se efectúe el remate, más la suma de $ 239.300 por concepto de costas, más los gastos de publicación del remate. Todo postor, deberán contar con firma electrónica avanzada, o en su defecto, tener activa su clave única del estado, para la suscripción del acta de remate; además deberán rendir caución que no podrá ser inferior al 10% del mínimo fijado para la subasta, mediante vale vista tomado en cualquier banco de la plaza, a la or-
